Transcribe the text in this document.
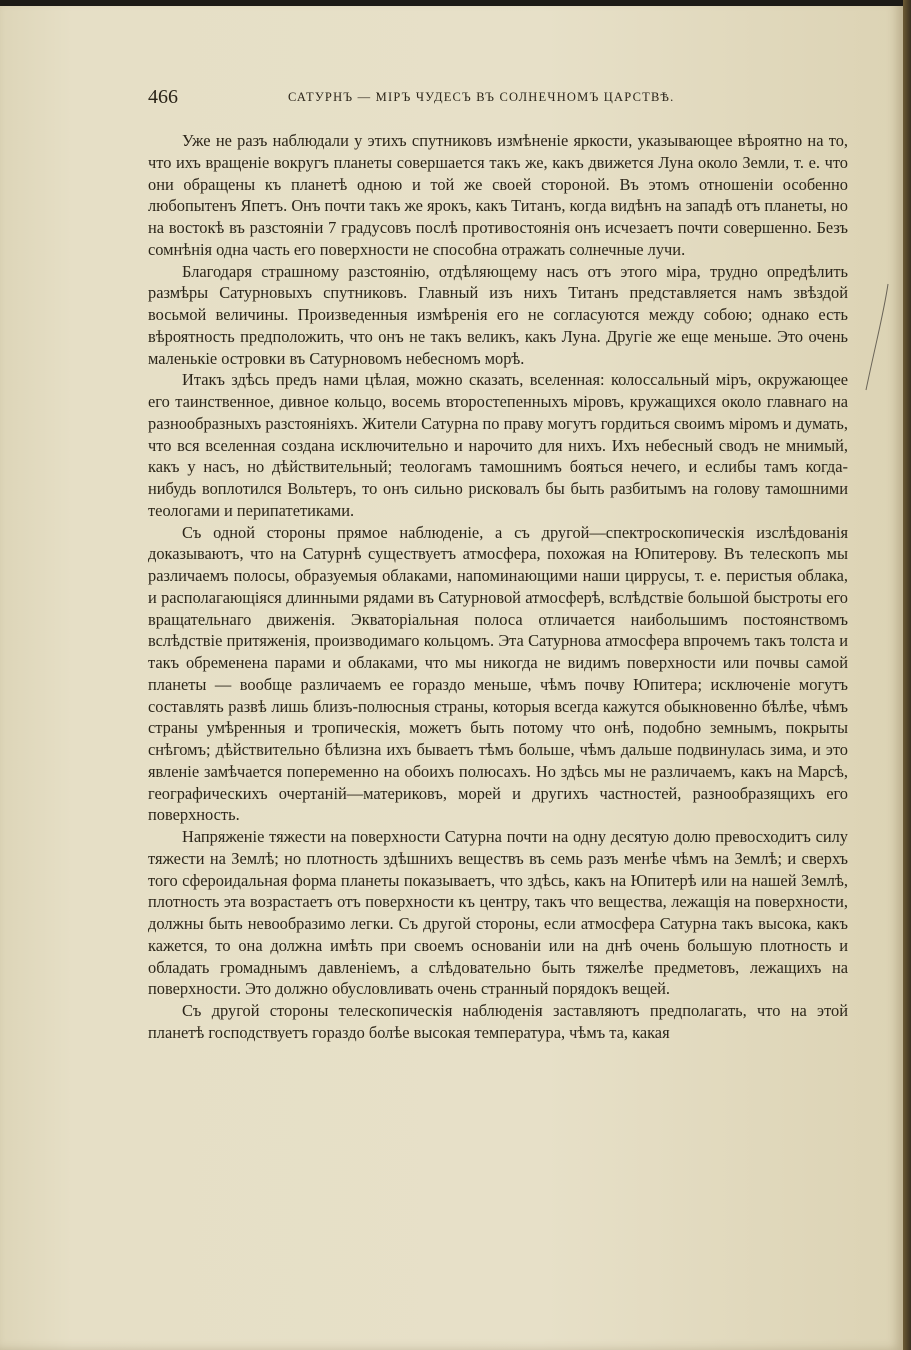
466	САТУРНЪ — МІРЪ ЧУДЕСЪ ВЪ СОЛНЕЧНОМЪ ЦАРСТВѢ.

Уже не разъ наблюдали у этихъ спутниковъ измѣненіе яркости, указывающее вѣроятно на то, что ихъ вращеніе вокругъ планеты совершается такъ же, какъ движется Луна около Земли, т. е. что они обращены къ планетѣ одною и той же своей стороной. Въ этомъ отношеніи особенно любопытенъ Япетъ. Онъ почти такъ же ярокъ, какъ Титанъ, когда видѣнъ на западѣ отъ планеты, но на востокѣ въ разстояніи 7 градусовъ послѣ противостоянія онъ исчезаетъ почти совершенно. Безъ сомнѣнія одна часть его поверхности не способна отражать солнечные лучи.

Благодаря страшному разстоянію, отдѣляющему насъ отъ этого міра, трудно опредѣлить размѣры Сатурновыхъ спутниковъ. Главный изъ нихъ Титанъ представляется намъ звѣздой восьмой величины. Произведенныя измѣренія его не согласуются между собою; однако есть вѣроятность предположить, что онъ не такъ великъ, какъ Луна. Другіе же еще меньше. Это очень маленькіе островки въ Сатурновомъ небесномъ морѣ.

Итакъ здѣсь предъ нами цѣлая, можно сказать, вселенная: колоссальный міръ, окружающее его таинственное, дивное кольцо, восемь второстепенныхъ міровъ, кружащихся около главнаго на разнообразныхъ разстояніяхъ. Жители Сатурна по праву могутъ гордиться своимъ міромъ и думать, что вся вселенная создана исключительно и нарочито для нихъ. Ихъ небесный сводъ не мнимый, какъ у насъ, но дѣйствительный; теологамъ тамошнимъ бояться нечего, и еслибы тамъ когда-нибудь воплотился Вольтеръ, то онъ сильно рисковалъ бы быть разбитымъ на голову тамошними теологами и перипатетиками.

Съ одной стороны прямое наблюденіе, а съ другой—спектроскопическія изслѣдованія доказываютъ, что на Сатурнѣ существуетъ атмосфера, похожая на Юпитерову. Въ телескопъ мы различаемъ полосы, образуемыя облаками, напоминающими наши циррусы, т. е. перистыя облака, и располагающіяся длинными рядами въ Сатурновой атмосферѣ, вслѣдствіе большой быстроты его вращательнаго движенія. Экваторіальная полоса отличается наибольшимъ постоянствомъ вслѣдствіе притяженія, производимаго кольцомъ. Эта Сатурнова атмосфера впрочемъ такъ толста и такъ обременена парами и облаками, что мы никогда не видимъ поверхности или почвы самой планеты — вообще различаемъ ее гораздо меньше, чѣмъ почву Юпитера; исключеніе могутъ составлять развѣ лишь близъ-полюсныя страны, которыя всегда кажутся обыкновенно бѣлѣе, чѣмъ страны умѣренныя и тропическія, можетъ быть потому что онѣ, подобно земнымъ, покрыты снѣгомъ; дѣйствительно бѣлизна ихъ бываетъ тѣмъ больше, чѣмъ дальше подвинулась зима, и это явленіе замѣчается попеременно на обоихъ полюсахъ. Но здѣсь мы не различаемъ, какъ на Марсѣ, географическихъ очертаній—материковъ, морей и другихъ частностей, разнообразящихъ его поверхность.

Напряженіе тяжести на поверхности Сатурна почти на одну десятую долю превосходитъ силу тяжести на Землѣ; но плотность здѣшнихъ веществъ въ семь разъ менѣе чѣмъ на Землѣ; и сверхъ того сфероидальная форма планеты показываетъ, что здѣсь, какъ на Юпитерѣ или на нашей Землѣ, плотность эта возрастаетъ отъ поверхности къ центру, такъ что вещества, лежащія на поверхности, должны быть невообразимо легки. Съ другой стороны, если атмосфера Сатурна такъ высока, какъ кажется, то она должна имѣть при своемъ основаніи или на днѣ очень большую плотность и обладать громаднымъ давленіемъ, а слѣдовательно быть тяжелѣе предметовъ, лежащихъ на поверхности. Это должно обусловливать очень странный порядокъ вещей.

Съ другой стороны телескопическія наблюденія заставляютъ предполагать, что на этой планетѣ господствуетъ гораздо болѣе высокая температура, чѣмъ та, какая
